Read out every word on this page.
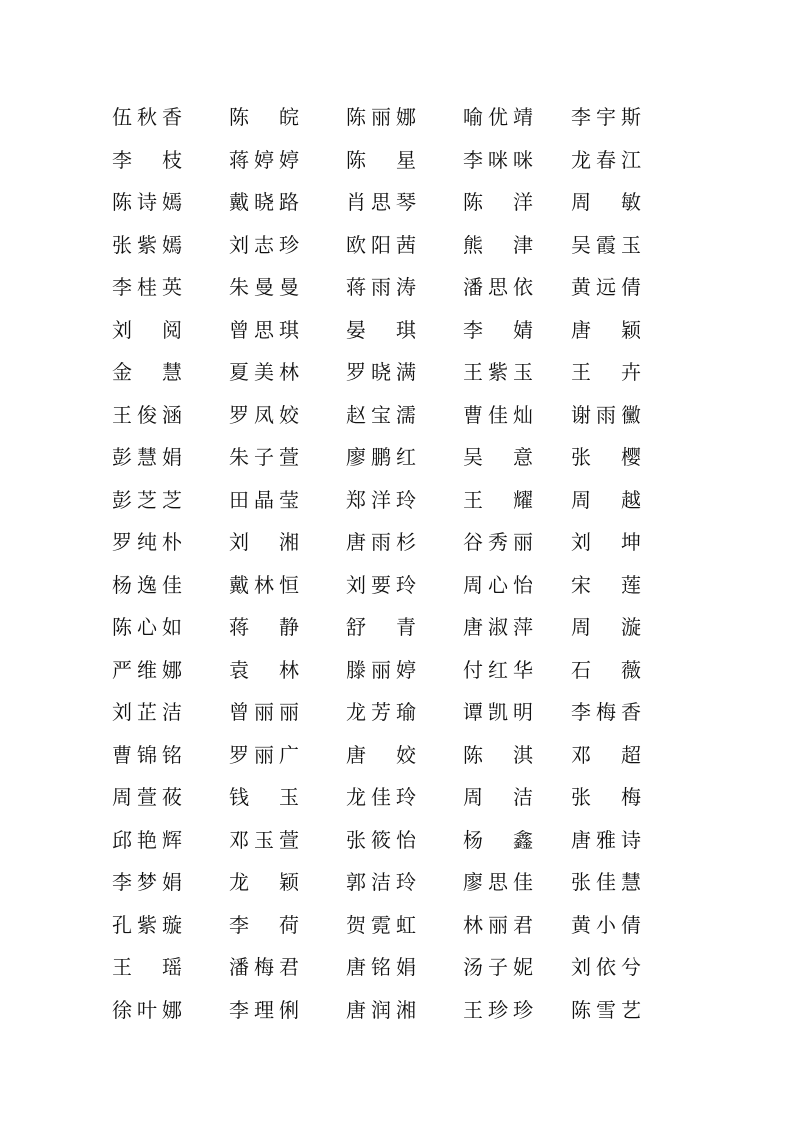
伍 秋 香 陈 皖 陈 丽 娜 喻 优 靖 李 宇 斯
李 枝 蒋 婷 婷 陈 星 李 咪 咪 龙 春 江
陈 诗 嫣 戴 晓 路 肖 思 琴 陈 洋 周 敏
张 紫 嫣 刘 志 珍 欧 阳 茜 熊 津 吴 霞 玉
李 桂 英 朱 曼 曼 蒋 雨 涛 潘 思 依 黄 远 倩
刘 阅 曾 思 琪 晏 琪 李 婧 唐 颖
金 慧 夏 美 林 罗 晓 满 王 紫 玉 王 卉
王 俊 涵 罗 凤 姣 赵 宝 濡 曹 佳 灿 谢 雨 黴
彭 慧 娟 朱 子 萱 廖 鹏 红 吴 意 张 樱
彭 芝 芝 田 晶 莹 郑 洋 玲 王 耀 周 越
罗 纯 朴 刘 湘 唐 雨 杉 谷 秀 丽 刘 坤
杨 逸 佳 戴 林 恒 刘 要 玲 周 心 怡 宋 莲
陈 心 如 蒋 静 舒 青 唐 淑 萍 周 漩
严 维 娜 袁 林 滕 丽 婷 付 红 华 石 薇
刘 芷 洁 曾 丽 丽 龙 芳 瑜 谭 凯 明 李 梅 香
曹 锦 铭 罗 丽 广 唐 姣 陈 淇 邓 超
周 萱 莜 钱 玉 龙 佳 玲 周 洁 张 梅
邱 艳 辉 邓 玉 萱 张 筱 怡 杨 鑫 唐 雅 诗
李 梦 娟 龙 颖 郭 洁 玲 廖 思 佳 张 佳 慧
孔 紫 璇 李 荷 贺 霓 虹 林 丽 君 黄 小 倩
王 瑶 潘 梅 君 唐 铭 娟 汤 子 妮 刘 依 兮
徐 叶 娜 李 理 俐 唐 润 湘 王 珍 珍 陈 雪 艺
